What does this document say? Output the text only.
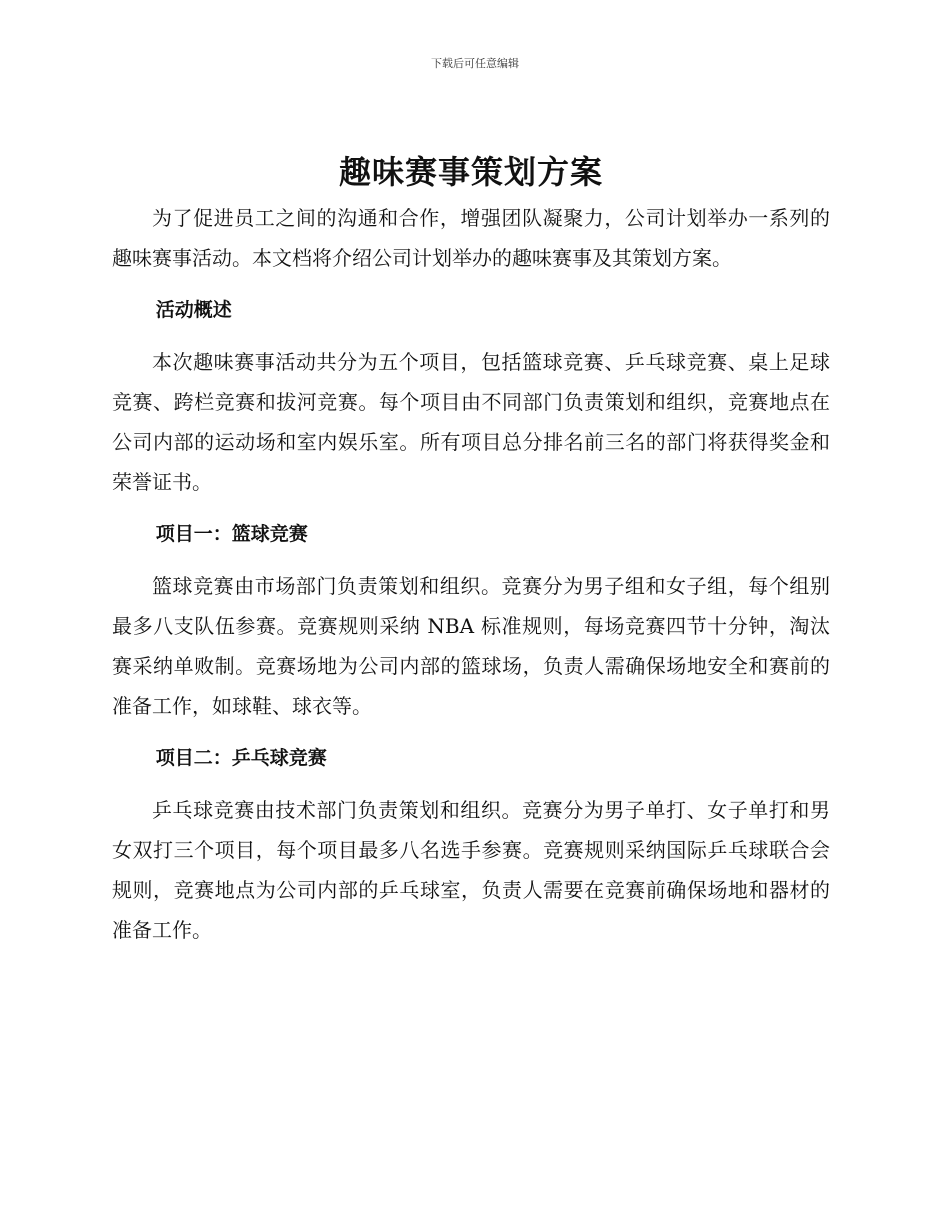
下载后可任意编辑
趣味赛事策划方案

为了促进员工之间的沟通和合作，增强团队凝聚力，公司计划举办一系列的趣味赛事活动。本文档将介绍公司计划举办的趣味赛事及其策划方案。

活动概述

本次趣味赛事活动共分为五个项目，包括篮球竞赛、乒乓球竞赛、桌上足球竞赛、跨栏竞赛和拔河竞赛。每个项目由不同部门负责策划和组织，竞赛地点在公司内部的运动场和室内娱乐室。所有项目总分排名前三名的部门将获得奖金和荣誉证书。

项目一：篮球竞赛

篮球竞赛由市场部门负责策划和组织。竞赛分为男子组和女子组，每个组别最多八支队伍参赛。竞赛规则采纳 NBA 标准规则，每场竞赛四节十分钟，淘汰赛采纳单败制。竞赛场地为公司内部的篮球场，负责人需确保场地安全和赛前的准备工作，如球鞋、球衣等。

项目二：乒乓球竞赛

乒乓球竞赛由技术部门负责策划和组织。竞赛分为男子单打、女子单打和男女双打三个项目，每个项目最多八名选手参赛。竞赛规则采纳国际乒乓球联合会规则，竞赛地点为公司内部的乒乓球室，负责人需要在竞赛前确保场地和器材的准备工作。
